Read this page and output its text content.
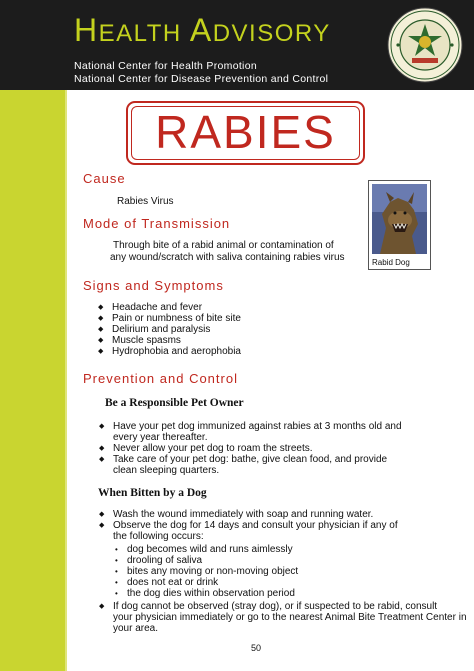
HEALTH ADVISORY
National Center for Health Promotion
National Center for Disease Prevention and Control
RABIES
Cause
Rabies Virus
Mode of Transmission
Through bite of a rabid animal or contamination of
any wound/scratch with saliva containing rabies virus	Rabid Dog
Signs and Symptoms
◆ Headache and fever
◆ Pain or numbness of bite site
◆ Delirium and paralysis
◆ Muscle spasms
◆ Hydrophobia and aerophobia
Prevention and Control
Be a Responsible Pet Owner
◆ Have your pet dog immunized against rabies at 3 months old and
every year thereafter.
◆ Never allow your pet dog to roam the streets.
◆ Take care of your pet dog: bathe, give clean food, and provide
clean sleeping quarters.
When Bitten by a Dog
◆ Wash the wound immediately with soap and running water.
◆ Observe the dog for 14 days and consult your physician if any of
the following occurs:
• dog becomes wild and runs aimlessly
• drooling of saliva
• bites any moving or non-moving object
• does not eat or drink
• the dog dies within observation period
◆ If dog cannot be observed (stray dog), or if suspected to be rabid, consult
your physician immediately or go to the nearest Animal Bite Treatment Center in
your area.
50
